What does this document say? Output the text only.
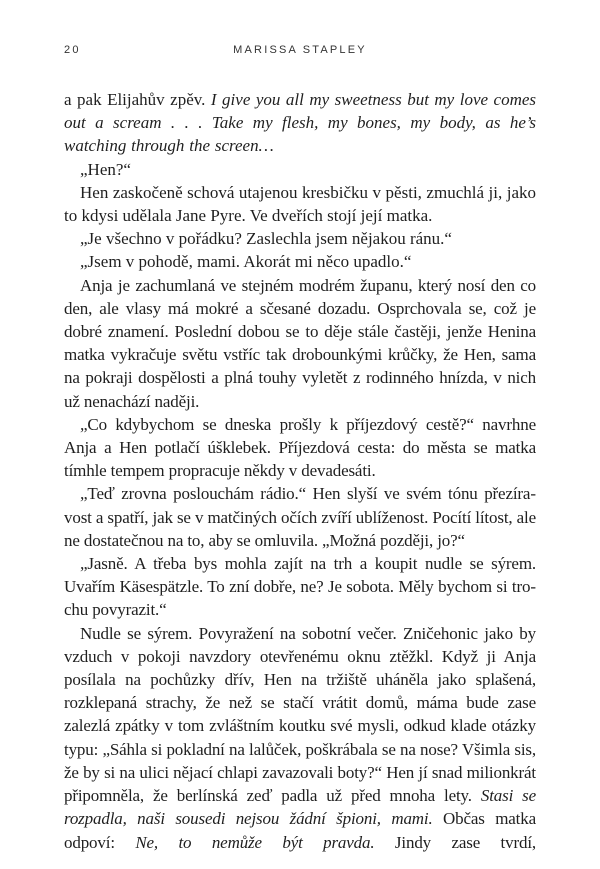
20	MARISSA STAPLEY

a pak Elijahův zpěv. I give you all my sweetness but my love comes out a scream . . . Take my flesh, my bones, my body, as he’s watching through the screen…

„Hen?“

Hen zaskočeně schová utajenou kresbičku v pěsti, zmuchlá ji, jako to kdysi udělala Jane Pyre. Ve dveřích stojí její matka.

„Je všechno v pořádku? Zaslechla jsem nějakou ránu.“

„Jsem v pohodě, mami. Akorát mi něco upadlo.“

Anja je zachumlaná ve stejném modrém županu, který nosí den co den, ale vlasy má mokré a sčesané dozadu. Osprchovala se, což je dobré znamení. Poslední dobou se to děje stále častěji, jenže Henina matka vykračuje světu vstříc tak drobounkými krůčky, že Hen, sama na pokraji dospělosti a plná touhy vyletět z rodinného hnízda, v nich už nenachází naději.

„Co kdybychom se dneska prošly k příjezdový cestě?“ navrhne Anja a Hen potlačí úšklebek. Příjezdová cesta: do města se matka tímhle tempem propracuje někdy v devadesáti.

„Teď zrovna poslouchám rádio.“ Hen slyší ve svém tónu přezíravost a spatří, jak se v matčiných očích zvíří ublíženost. Pocítí lítost, ale ne dostatečnou na to, aby se omluvila. „Možná později, jo?“

„Jasně. A třeba bys mohla zajít na trh a koupit nudle se sýrem. Uvařím Käsespätzle. To zní dobře, ne? Je sobota. Měly bychom si trochu povyrazit.“

Nudle se sýrem. Povyražení na sobotní večer. Zničehonic jako by vzduch v pokoji navzdory otevřenému oknu ztěžkl. Když ji Anja posílala na pochůzky dřív, Hen na tržiště uháněla jako splašená, rozklepaná strachy, že než se stačí vrátit domů, máma bude zase zalezlá zpátky v tom zvláštním koutku své mysli, odkud klade otázky typu: „Sáhla si pokladní na lalůček, poškrábala se na nose? Všimla sis, že by si na ulici nějací chlapi zavazovali boty?“ Hen jí snad milionkrát připomněla, že berlínská zeď padla už před mnoha lety. Stasi se rozpadla, naši sousedi nejsou žádní špioni, mami. Občas matka odpoví: Ne, to nemůže být pravda. Jindy zase tvrdí,
